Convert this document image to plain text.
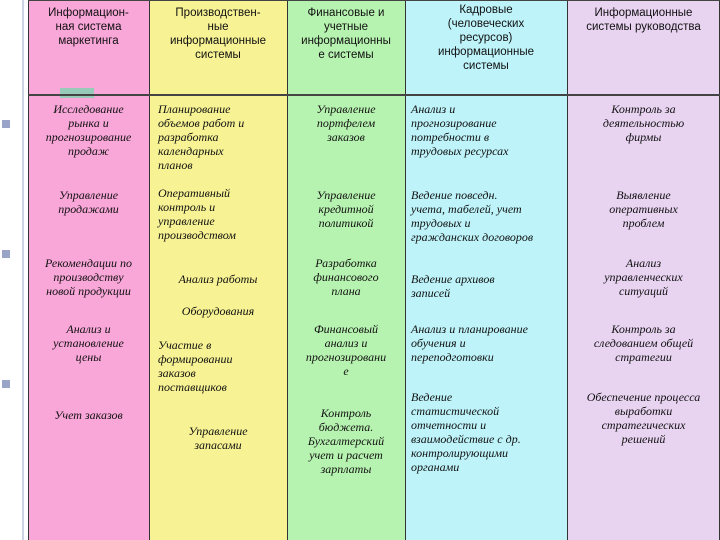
Информацион-
ная система
маркетинга
Производствен-
ные
информационные
системы
Финансовые и
учетные
информационны
е системы
Кадровые
(человеческих
ресурсов)
информационные
системы
Информационные
системы руководства
Исследование
рынка и
прогнозирование
продаж
Управление
продажами
Рекомендации по
производству
новой продукции
Анализ и
установление
цены
Учет заказов
Планирование
объемов работ и
разработка
календарных
планов
Оперативный
контроль и
управление
производством
Анализ работы
Оборудования
Участие в
формировании
заказов
поставщиков
Управление
запасами
Управление
портфелем
заказов
Управление
кредитной
политикой
Разработка
финансового
плана
Финансовый
анализ и
прогнозировани
е
Контроль
бюджета.
Бухгалтерский
учет и расчет
зарплаты
Анализ и
прогнозирование
потребности в
трудовых ресурсах
Ведение повседн.
учета, табелей, учет
трудовых и
гражданских договоров
Ведение архивов
записей
Анализ и планирование
обучения и
переподготовки
Ведение
статистической
отчетности и
взаимодействие с др.
контролирующими
органами
Контроль за
деятельностью
фирмы
Выявление
оперативных
проблем
Анализ
управленческих
ситуаций
Контроль за
следованием общей
стратегии
Обеспечение процесса
выработки
стратегических
решений
